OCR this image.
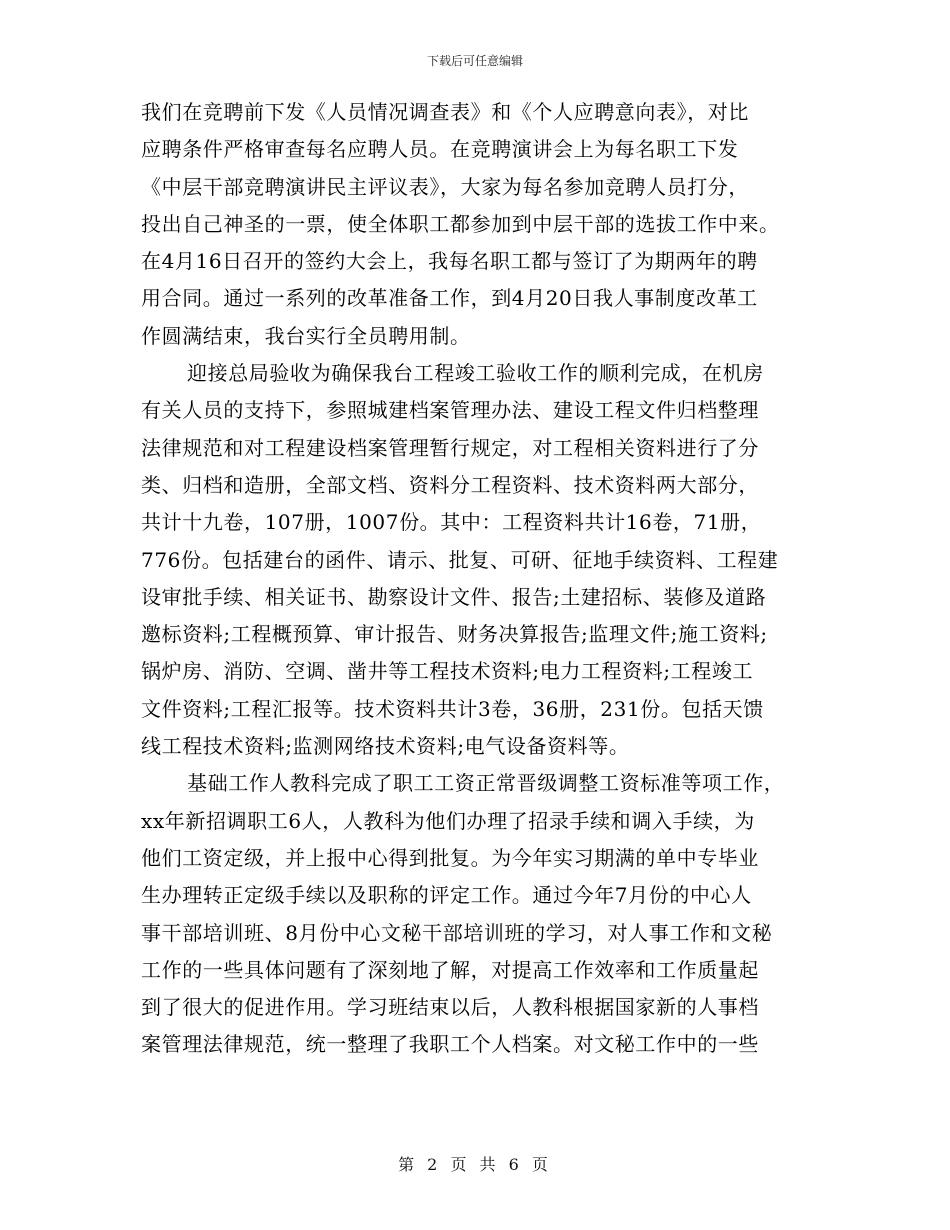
下载后可任意编辑
我们在竞聘前下发《人员情况调查表》和《个人应聘意向表》，对比
应聘条件严格审查每名应聘人员。在竞聘演讲会上为每名职工下发
《中层干部竞聘演讲民主评议表》，大家为每名参加竞聘人员打分，
投出自己神圣的一票，使全体职工都参加到中层干部的选拔工作中来。
在4月16日召开的签约大会上，我每名职工都与签订了为期两年的聘
用合同。通过一系列的改革准备工作，到4月20日我人事制度改革工
作圆满结束，我台实行全员聘用制。
迎接总局验收为确保我台工程竣工验收工作的顺利完成，在机房
有关人员的支持下，参照城建档案管理办法、建设工程文件归档整理
法律规范和对工程建设档案管理暂行规定，对工程相关资料进行了分
类、归档和造册，全部文档、资料分工程资料、技术资料两大部分，
共计十九卷，107册，1007份。其中：工程资料共计16卷，71册，
776份。包括建台的函件、请示、批复、可研、征地手续资料、工程建
设审批手续、相关证书、勘察设计文件、报告;土建招标、装修及道路
邀标资料;工程概预算、审计报告、财务决算报告;监理文件;施工资料;
锅炉房、消防、空调、凿井等工程技术资料;电力工程资料;工程竣工
文件资料;工程汇报等。技术资料共计3卷，36册，231份。包括天馈
线工程技术资料;监测网络技术资料;电气设备资料等。
基础工作人教科完成了职工工资正常晋级调整工资标准等项工作，
xx年新招调职工6人，人教科为他们办理了招录手续和调入手续，为
他们工资定级，并上报中心得到批复。为今年实习期满的单中专毕业
生办理转正定级手续以及职称的评定工作。通过今年7月份的中心人
事干部培训班、8月份中心文秘干部培训班的学习，对人事工作和文秘
工作的一些具体问题有了深刻地了解，对提高工作效率和工作质量起
到了很大的促进作用。学习班结束以后，人教科根据国家新的人事档
案管理法律规范，统一整理了我职工个人档案。对文秘工作中的一些
第 2 页 共 6 页
